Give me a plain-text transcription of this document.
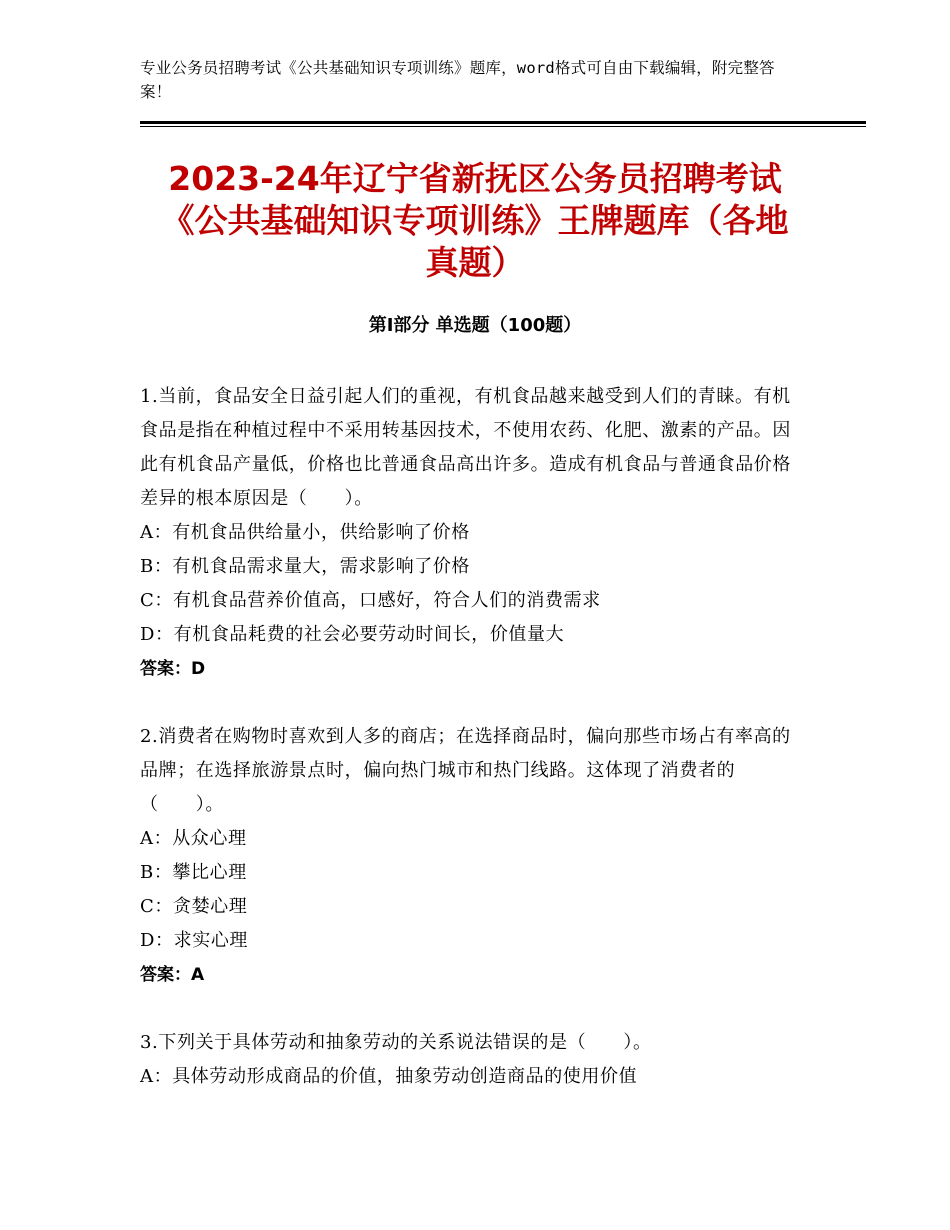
专业公务员招聘考试《公共基础知识专项训练》题库，word格式可自由下载编辑，附完整答案！
2023-24年辽宁省新抚区公务员招聘考试
《公共基础知识专项训练》王牌题库（各地
真题）
第Ⅰ部分 单选题（100题）

1.当前，食品安全日益引起人们的重视，有机食品越来越受到人们的青睐。有机食品是指在种植过程中不采用转基因技术，不使用农药、化肥、激素的产品。因此有机食品产量低，价格也比普通食品高出许多。造成有机食品与普通食品价格差异的根本原因是（　　）。

A：有机食品供给量小，供给影响了价格

B：有机食品需求量大，需求影响了价格

C：有机食品营养价值高，口感好，符合人们的消费需求

D：有机食品耗费的社会必要劳动时间长，价值量大

答案：D

2.消费者在购物时喜欢到人多的商店；在选择商品时，偏向那些市场占有率高的品牌；在选择旅游景点时，偏向热门城市和热门线路。这体现了消费者的（　　）。

A：从众心理

B：攀比心理

C：贪婪心理

D：求实心理

答案：A

3.下列关于具体劳动和抽象劳动的关系说法错误的是（　　）。

A：具体劳动形成商品的价值，抽象劳动创造商品的使用价值
